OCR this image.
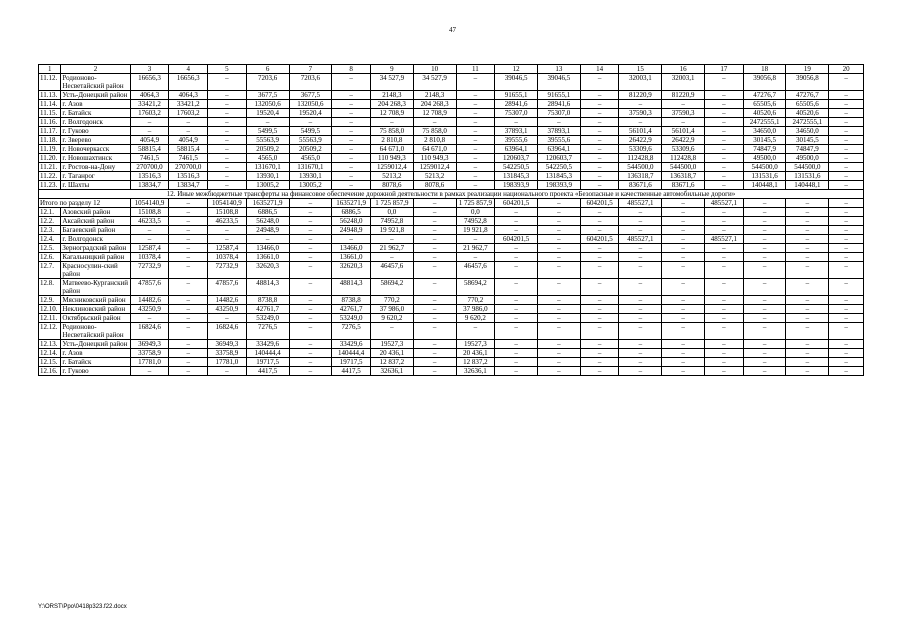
47
1	2	3	4	5	6	7	8	9	10	11	12	13	14	15	16	17	18	19	20
11.12.	Родионово-Несветайский район	16656,3	16656,3	–	7203,6	7203,6	–	34 527,9	34 527,9	–	39046,5	39046,5	–	32003,1	32003,1	–	39056,8	39056,8	–
11.13.	Усть-Донецкий район	4064,3	4064,3	–	3677,5	3677,5	–	2148,3	2148,3	–	91655,1	91655,1	–	81220,9	81220,9	–	47276,7	47276,7	–
11.14.	г. Азов	33421,2	33421,2	–	132050,6	132050,6	–	204 268,3	204 268,3	–	28941,6	28941,6	–	–	–	–	65505,6	65505,6	–
11.15.	г. Батайск	17603,2	17603,2	–	19520,4	19520,4	–	12 708,9	12 708,9	–	75307,0	75307,0	–	37590,3	37590,3	–	40520,6	40520,6	–
11.16.	г. Волгодонск	–	–	–	–	–	–	–	–	–	–	–	–	–	–	–	2472555,1	2472555,1	–
11.17.	г. Гуково	–	–	–	5499,5	5499,5	–	75 858,0	75 858,0	–	37893,1	37893,1	–	56101,4	56101,4	–	34650,0	34650,0	–
11.18.	г. Зверево	4054,9	4054,9	–	55563,9	55563,9	–	2 810,8	2 810,8	–	39555,6	39555,6	–	26422,9	26422,9	–	30145,5	30145,5	–
11.19.	г. Новочеркасск	58815,4	58815,4	–	20509,2	20509,2	–	64 671,0	64 671,0	–	63964,1	63964,1	–	53309,6	53309,6	–	74847,9	74847,9	–
11.20.	г. Новошахтинск	7461,5	7461,5	–	4565,0	4565,0	–	110 949,3	110 949,3	–	120603,7	120603,7	–	112428,8	112428,8	–	49500,0	49500,0	–
11.21.	г. Ростов-на-Дону	270700,0	270700,0	–	131670,1	131670,1	–	1259012,4	1259012,4	–	542250,5	542250,5	–	544500,0	544500,0	–	544500,0	544500,0	–
11.22.	г. Таганрог	13516,3	13516,3	–	13930,1	13930,1	–	5213,2	5213,2	–	131845,3	131845,3	–	136318,7	136318,7	–	131531,6	131531,6	–
11.23.	г. Шахты	13834,7	13834,7	–	13005,2	13005,2	–	8078,6	8078,6	–	198393,9	198393,9	–	83671,6	83671,6	–	140448,1	140448,1	–
12. Иные межбюджетные трансферты на финансовое обеспечение дорожной деятельности в рамках реализации национального проекта «Безопасные и качественные автомобильные дороги»																			
Итого по разделу 12		1054140,9	–	1054140,9	1635271,9	–	1635271,9	1 725 857,9	–	1 725 857,9	604201,5	–	604201,5	485527,1	–	485527,1	–	–	–
12.1.	Азовский район	15108,8	–	15108,8	6886,5	–	6886,5	0,0	–	0,0	–	–	–	–	–	–	–	–	–
12.2.	Аксайский район	46233,5	–	46233,5	56248,0	–	56248,0	74952,8	–	74952,8	–	–	–	–	–	–	–	–	–
12.3.	Багаевский район	–	–	–	24948,9	–	24948,9	19 921,8	–	19 921,8	–	–	–	–	–	–	–	–	–
12.4.	г. Волгодонск	–	–	–	–	–	–	–	–	–	604201,5	–	604201,5	485527,1	–	485527,1	–	–	–
12.5.	Зерноградский район	12587,4	–	12587,4	13466,0	–	13466,0	21 962,7	–	21 962,7	–	–	–	–	–	–	–	–	–
12.6.	Кагальницкий район	10378,4	–	10378,4	13661,0	–	13661,0	–	–	–	–	–	–	–	–	–	–	–	–
12.7.	Красносулин-ский район	72732,9	–	72732,9	32620,3	–	32620,3	46457,6	–	46457,6	–	–	–	–	–	–	–	–	–
12.8.	Матвеево-Курганский район	47857,6	–	47857,6	48814,3	–	48814,3	58694,2	–	58694,2	–	–	–	–	–	–	–	–	–
12.9.	Мясниковский район	14482,6	–	14482,6	8738,8	–	8738,8	770,2	–	770,2	–	–	–	–	–	–	–	–	–
12.10.	Неклиновский район	43250,9	–	43250,9	42761,7	–	42761,7	37 986,0	–	37 986,0	–	–	–	–	–	–	–	–	–
12.11.	Октябрьский район	–	–	–	53249,0	–	53249,0	9 620,2	–	9 620,2	–	–	–	–	–	–	–	–	–
12.12.	Родионово-Несветайский район	16824,6	–	16824,6	7276,5	–	7276,5	–	–	–	–	–	–	–	–	–	–	–	–
12.13.	Усть-Донецкий район	36949,3	–	36949,3	33429,6	–	33429,6	19527,3	–	19527,3	–	–	–	–	–	–	–	–	–
12.14.	г. Азов	33758,9	–	33758,9	140444,4	–	140444,4	20 436,1	–	20 436,1	–	–	–	–	–	–	–	–	–
12.15.	г. Батайск	17781,0	–	17781,0	19717,5	–	19717,5	12 837,2	–	12 837,2	–	–	–	–	–	–	–	–	–
12.16.	г. Гуково	–	–	–	4417,5	–	4417,5	32636,1	–	32636,1	–	–	–	–	–	–	–	–	–
Y:\ORST\Ppo\0418p323.f22.docx
